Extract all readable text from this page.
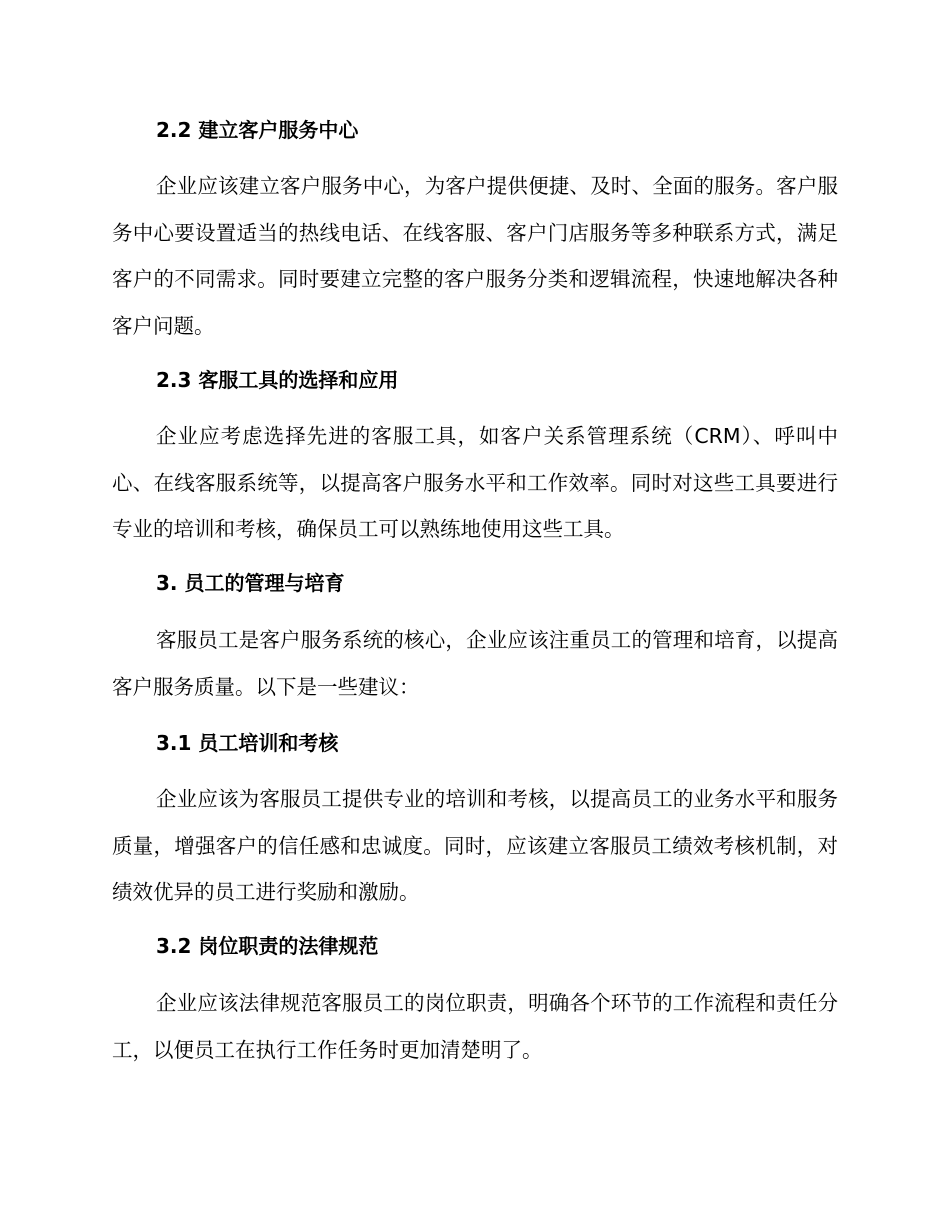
2.2 建立客户服务中心

企业应该建立客户服务中心，为客户提供便捷、及时、全面的服务。客户服务中心要设置适当的热线电话、在线客服、客户门店服务等多种联系方式，满足客户的不同需求。同时要建立完整的客户服务分类和逻辑流程，快速地解决各种客户问题。

2.3 客服工具的选择和应用

企业应考虑选择先进的客服工具，如客户关系管理系统（CRM）、呼叫中心、在线客服系统等，以提高客户服务水平和工作效率。同时对这些工具要进行专业的培训和考核，确保员工可以熟练地使用这些工具。

3. 员工的管理与培育

客服员工是客户服务系统的核心，企业应该注重员工的管理和培育，以提高客户服务质量。以下是一些建议：

3.1 员工培训和考核

企业应该为客服员工提供专业的培训和考核，以提高员工的业务水平和服务质量，增强客户的信任感和忠诚度。同时，应该建立客服员工绩效考核机制，对绩效优异的员工进行奖励和激励。

3.2 岗位职责的法律规范

企业应该法律规范客服员工的岗位职责，明确各个环节的工作流程和责任分工，以便员工在执行工作任务时更加清楚明了。
